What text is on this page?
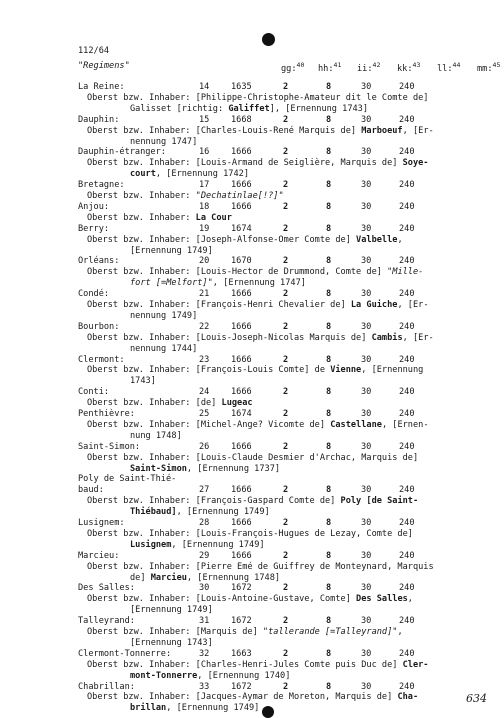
112/64
"Regimens"	gg:$^{40}$ hh:$^{41}$ ii:$^{42}$ kk:$^{43}$ ll:$^{44}$ mm:$^{45}$
La Reine:	14	1635	2	8	30	240
Oberst bzw. Inhaber: [Philippe-Christophe-Amateur dit le Comte de]
Galisset [richtig: Galiffet], [Ernennung 1743]
Dauphin:	15	1668	2	8	30	240
Oberst bzw. Inhaber: [Charles-Louis-René Marquis de] Marboeuf, [Er-
nennung 1747]
Dauphin-étranger:	16	1666	2	8	30	240
Oberst bzw. Inhaber: [Louis-Armand de Seiglière, Marquis de] Soye-
court, [Ernennung 1742]
Bretagne:	17	1666	2	8	30	240
Oberst bzw. Inhaber: "Dechatinlae[!?]"
Anjou:	18	1666	2	8	30	240
Oberst bzw. Inhaber: La Cour
Berry:	19	1674	2	8	30	240
Oberst bzw. Inhaber: [Joseph-Alfonse-Omer Comte de] Valbelle,
[Ernennung 1749]
Orléans:	20	1670	2	8	30	240
Oberst bzw. Inhaber: [Louis-Hector de Drummond, Comte de] "Mille-
fort [=Melfort]", [Ernennung 1747]
Condé:	21	1666	2	8	30	240
Oberst bzw. Inhaber: [François-Henri Chevalier de] La Guiche, [Er-
nennung 1749]
Bourbon:	22	1666	2	8	30	240
Oberst bzw. Inhaber: [Louis-Joseph-Nicolas Marquis de] Cambis, [Er-
nennung 1744]
Clermont:	23	1666	2	8	30	240
Oberst bzw. Inhaber: [François-Louis Comte] de Vienne, [Ernennung
1743]
Conti:	24	1666	2	8	30	240
Oberst bzw. Inhaber: [de] Lugeac
Penthièvre:	25	1674	2	8	30	240
Oberst bzw. Inhaber: [Michel-Ange? Vicomte de] Castellane, [Ernen-
nung 1748]
Saint-Simon:	26	1666	2	8	30	240
Oberst bzw. Inhaber: [Louis-Claude Desmier d'Archac, Marquis de]
Saint-Simon, [Ernennung 1737]
Poly de Saint-Thié-
baud:	27	1666	2	8	30	240
Oberst bzw. Inhaber: [François-Gaspard Comte de] Poly [de Saint-
Thiébaud], [Ernennung 1749]
Lusignem:	28	1666	2	8	30	240
Oberst bzw. Inhaber: [Louis-François-Hugues de Lezay, Comte de]
Lusignem, [Ernennung 1749]
Marcieu:	29	1666	2	8	30	240
Oberst bzw. Inhaber: [Pierre Emé de Guiffrey de Monteynard, Marquis
de] Marcieu, [Ernennung 1748]
Des Salles:	30	1672	2	8	30	240
Oberst bzw. Inhaber: [Louis-Antoine-Gustave, Comte] Des Salles,
[Ernennung 1749]
Talleyrand:	31	1672	2	8	30	240
Oberst bzw. Inhaber: [Marquis de] "tallerande [=Talleyrand]",
[Ernennung 1743]
Clermont-Tonnerre:	32	1663	2	8	30	240
Oberst bzw. Inhaber: [Charles-Henri-Jules Comte puis Duc de] Cler-
mont-Tonnerre, [Ernennung 1740]
Chabrillan:	33	1672	2	8	30	240
Oberst bzw. Inhaber: [Jacques-Aymar de Moreton, Marquis de] Cha-
brillan, [Ernennung 1749]
634
